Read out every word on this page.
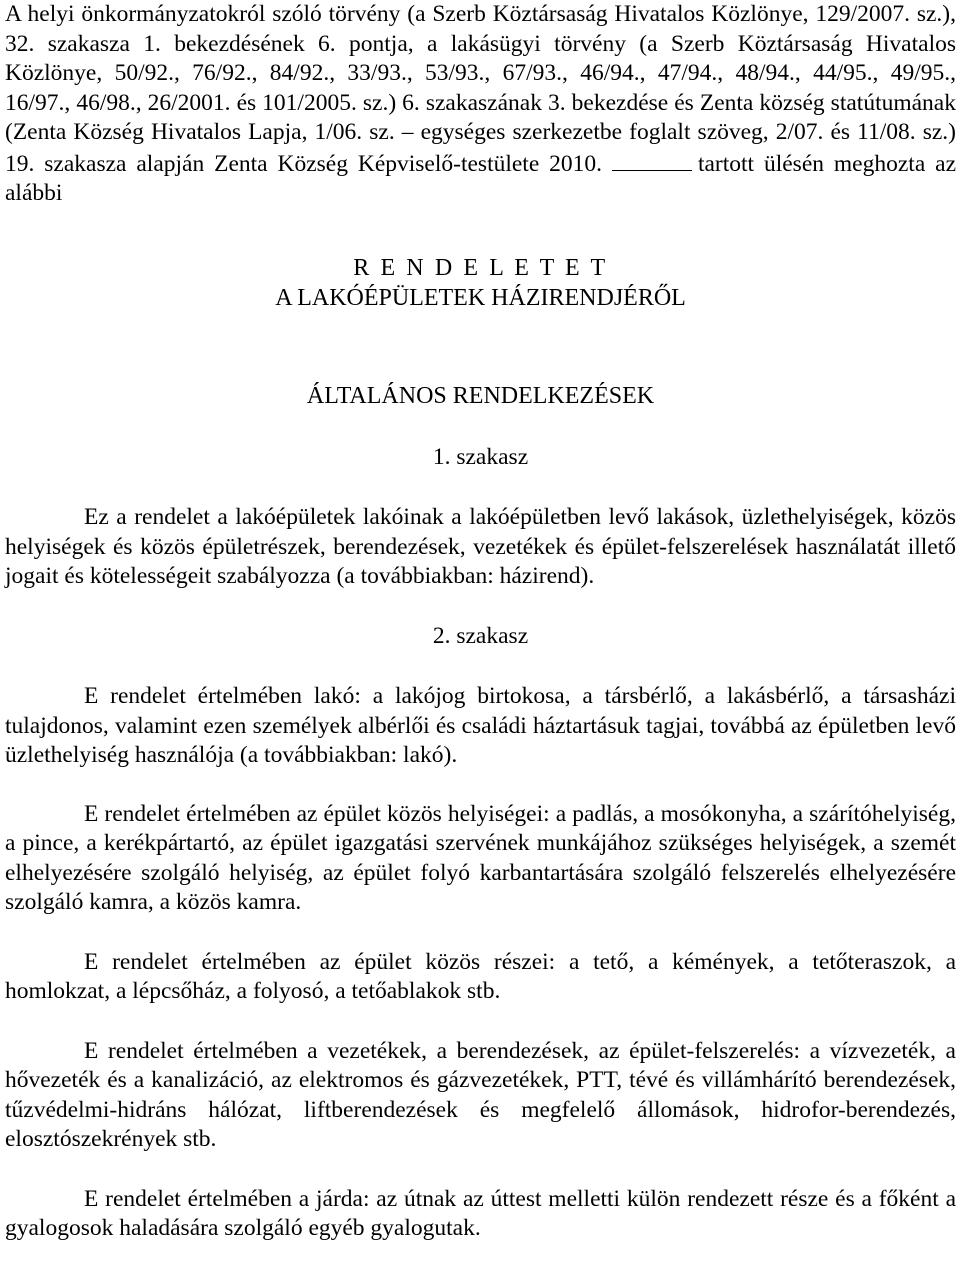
A helyi önkormányzatokról szóló törvény (a Szerb Köztársaság Hivatalos Közlönye, 129/2007. sz.), 32. szakasza 1. bekezdésének 6. pontja, a lakásügyi törvény (a Szerb Köztársaság Hivatalos Közlönye, 50/92., 76/92., 84/92., 33/93., 53/93., 67/93., 46/94., 47/94., 48/94., 44/95., 49/95., 16/97., 46/98., 26/2001. és 101/2005. sz.) 6. szakaszának 3. bekezdése és Zenta község statútumának (Zenta Község Hivatalos Lapja, 1/06. sz. – egységes szerkezetbe foglalt szöveg, 2/07. és 11/08. sz.) 19. szakasza alapján Zenta Község Képviselő-testülete 2010.	tartott ülésén meghozta az alábbi

R E N D E L E T E T

A LAKÓÉPÜLETEK HÁZIRENDJÉRŐL

ÁLTALÁNOS RENDELKEZÉSEK

1. szakasz

Ez a rendelet a lakóépületek lakóinak a lakóépületben levő lakások, üzlethelyiségek, közös helyiségek és közös épületrészek, berendezések, vezetékek és épület-felszerelések használatát illető jogait és kötelességeit szabályozza (a továbbiakban: házirend).

2. szakasz

E rendelet értelmében lakó: a lakójog birtokosa, a társbérlő, a lakásbérlő, a társasházi tulajdonos, valamint ezen személyek albérlői és családi háztartásuk tagjai, továbbá az épületben levő üzlethelyiség használója (a továbbiakban: lakó).

E rendelet értelmében az épület közös helyiségei: a padlás, a mosókonyha, a szárítóhelyiség, a pince, a kerékpártartó, az épület igazgatási szervének munkájához szükséges helyiségek, a szemét elhelyezésére szolgáló helyiség, az épület folyó karbantartására szolgáló felszerelés elhelyezésére szolgáló kamra, a közös kamra.

E rendelet értelmében az épület közös részei: a tető, a kémények, a tetőteraszok, a homlokzat, a lépcsőház, a folyosó, a tetőablakok stb.

E rendelet értelmében a vezetékek, a berendezések, az épület-felszerelés: a vízvezeték, a hővezeték és a kanalizáció, az elektromos és gázvezetékek, PTT, tévé és villámhárító berendezések, tűzvédelmi-hidráns hálózat, liftberendezések és megfelelő állomások, hidrofor-berendezés, elosztószekrények stb.

E rendelet értelmében a járda: az útnak az úttest melletti külön rendezett része és a főként a gyalogosok haladására szolgáló egyéb gyalogutak.
